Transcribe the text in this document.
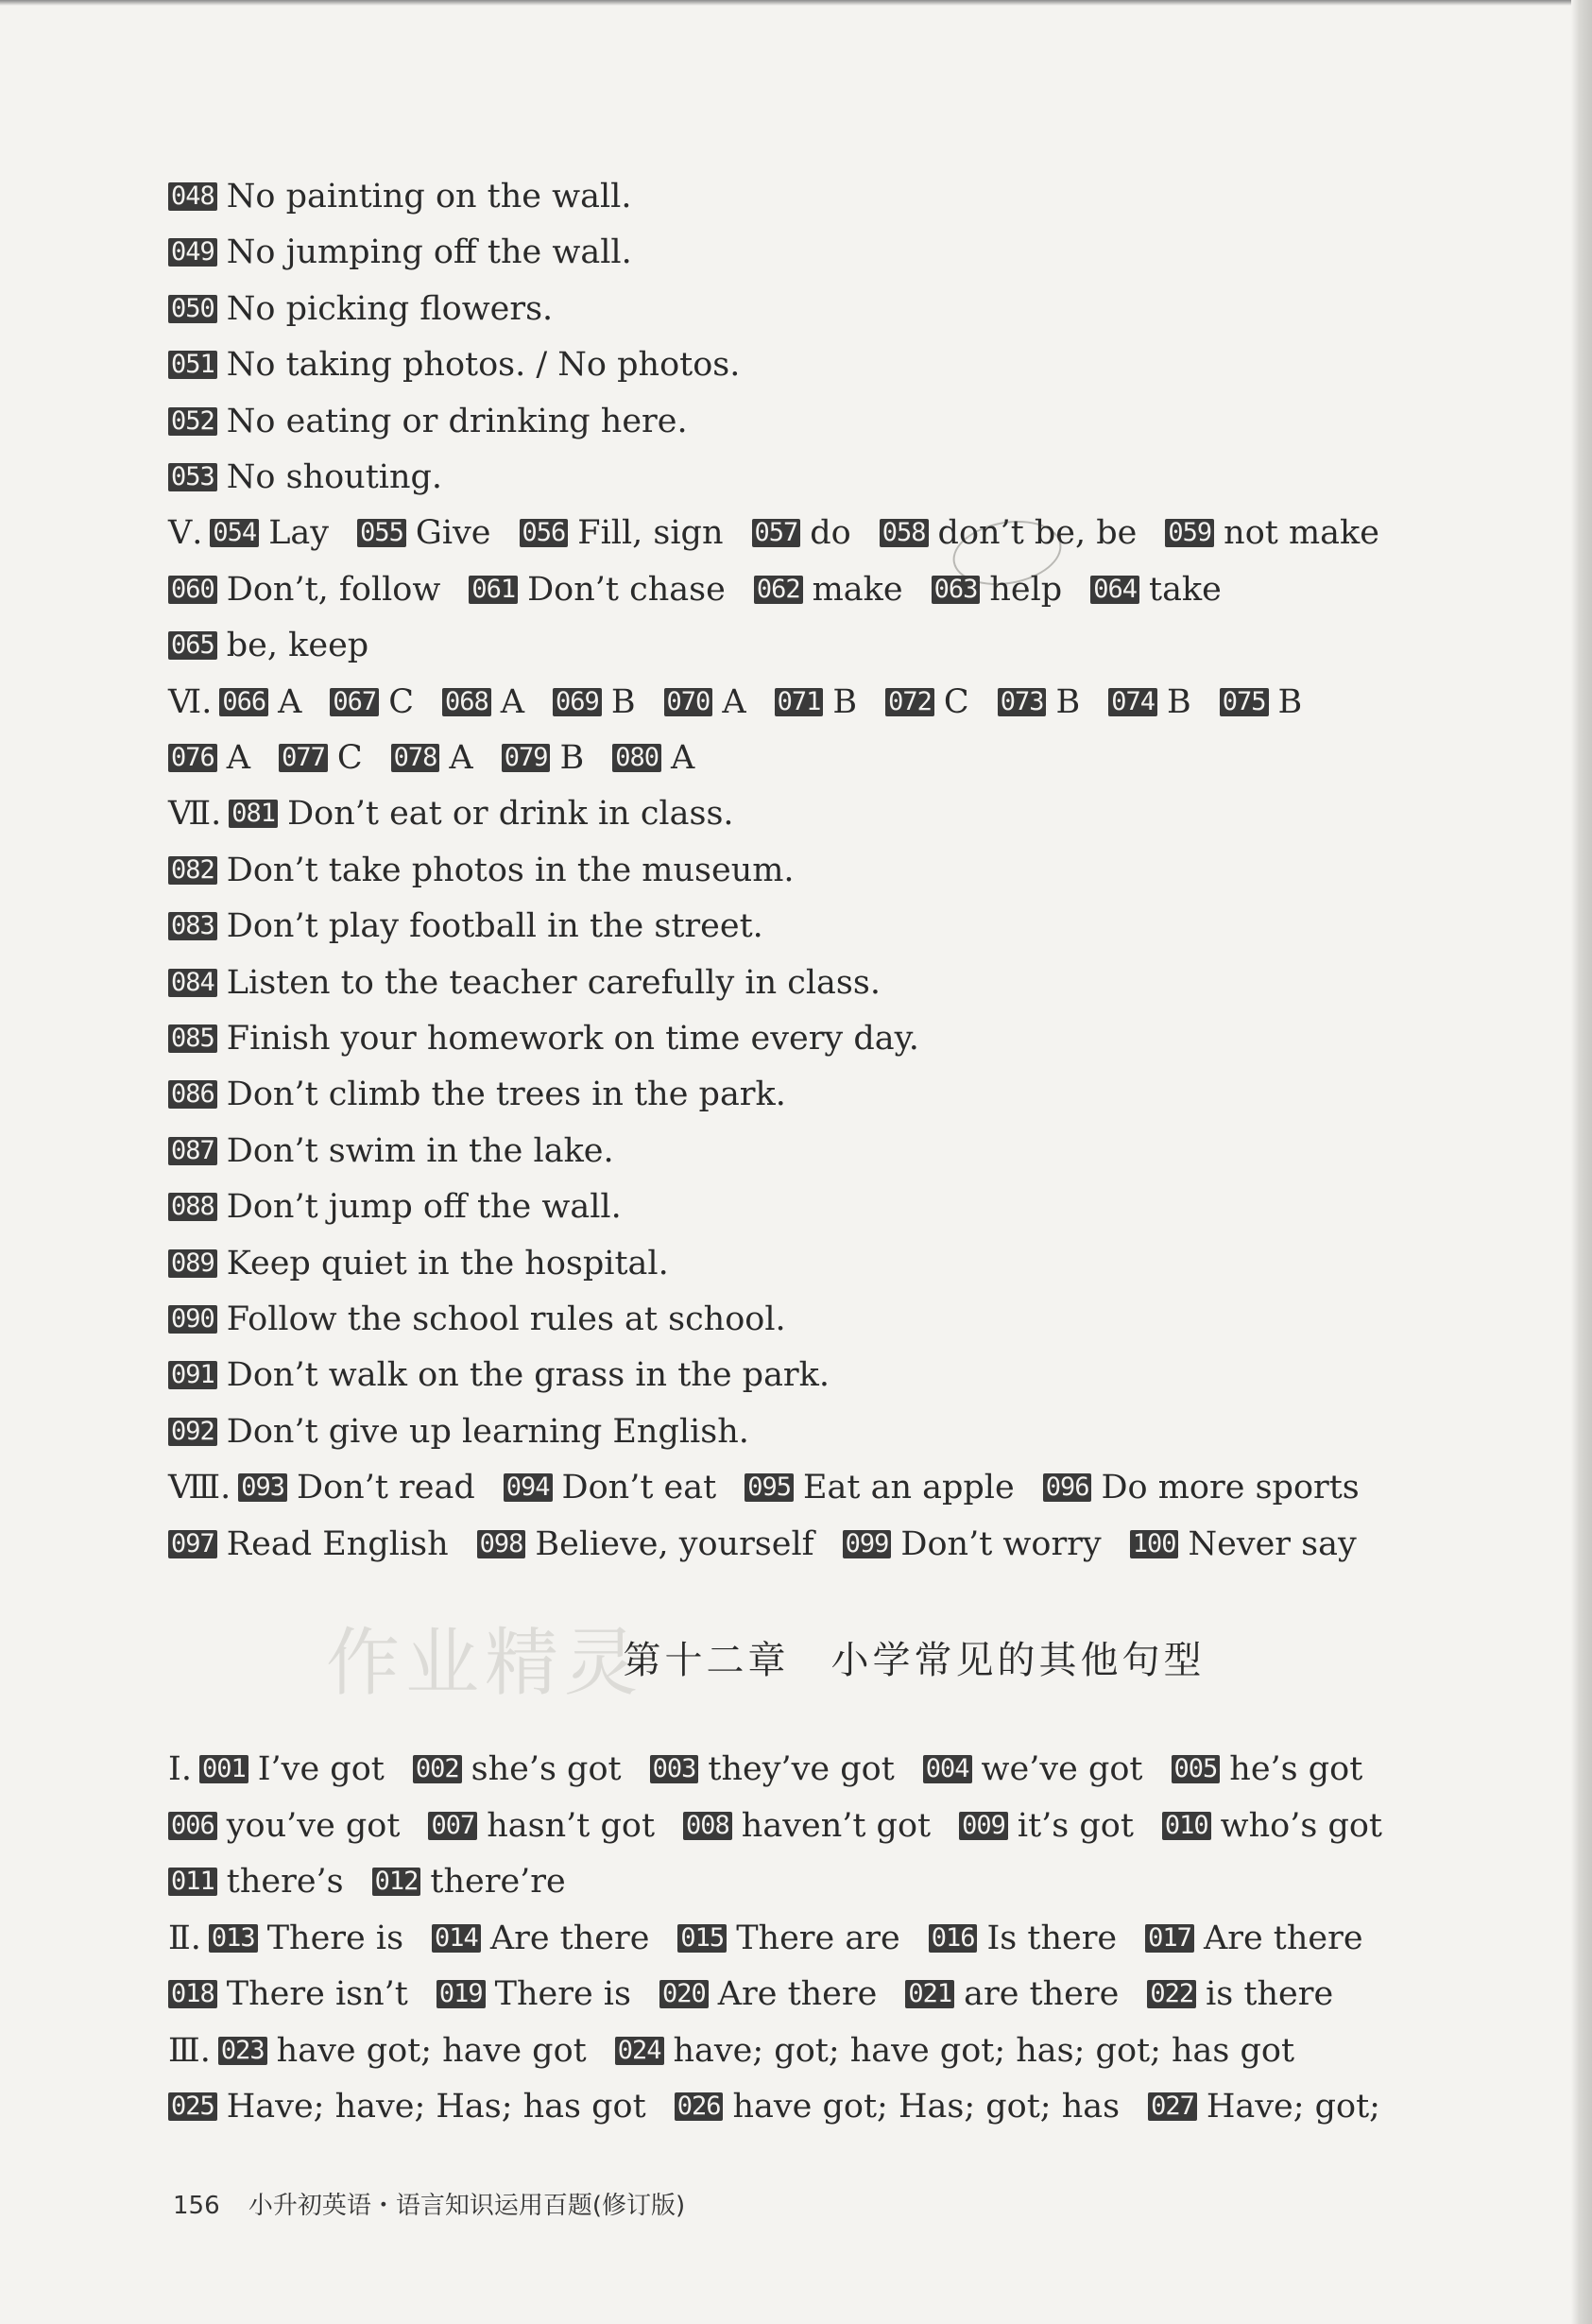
048 No painting on the wall.
049 No jumping off the wall.
050 No picking flowers.
051 No taking photos. / No photos.
052 No eating or drinking here.
053 No shouting.
Ⅴ. 054 Lay 055 Give 056 Fill, sign 057 do 058 don’t be, be 059 not make
060 Don’t, follow 061 Don’t chase 062 make 063 help 064 take
065 be, keep
Ⅵ. 066 A 067 C 068 A 069 B 070 A 071 B 072 C 073 B 074 B 075 B
076 A 077 C 078 A 079 B 080 A
Ⅶ. 081 Don’t eat or drink in class.
082 Don’t take photos in the museum.
083 Don’t play football in the street.
084 Listen to the teacher carefully in class.
085 Finish your homework on time every day.
086 Don’t climb the trees in the park.
087 Don’t swim in the lake.
088 Don’t jump off the wall.
089 Keep quiet in the hospital.
090 Follow the school rules at school.
091 Don’t walk on the grass in the park.
092 Don’t give up learning English.
Ⅷ. 093 Don’t read 094 Don’t eat 095 Eat an apple 096 Do more sports
097 Read English 098 Believe, yourself 099 Don’t worry 100 Never say
作业精灵
第十二章　小学常见的其他句型
Ⅰ. 001 I’ve got 002 she’s got 003 they’ve got 004 we’ve got 005 he’s got
006 you’ve got 007 hasn’t got 008 haven’t got 009 it’s got 010 who’s got
011 there’s 012 there’re
Ⅱ. 013 There is 014 Are there 015 There are 016 Is there 017 Are there
018 There isn’t 019 There is 020 Are there 021 are there 022 is there
Ⅲ. 023 have got; have got 024 have; got; have got; has; got; has got
025 Have; have; Has; has got 026 have got; Has; got; has 027 Have; got;
156 小升初英语・语言知识运用百题(修订版)
